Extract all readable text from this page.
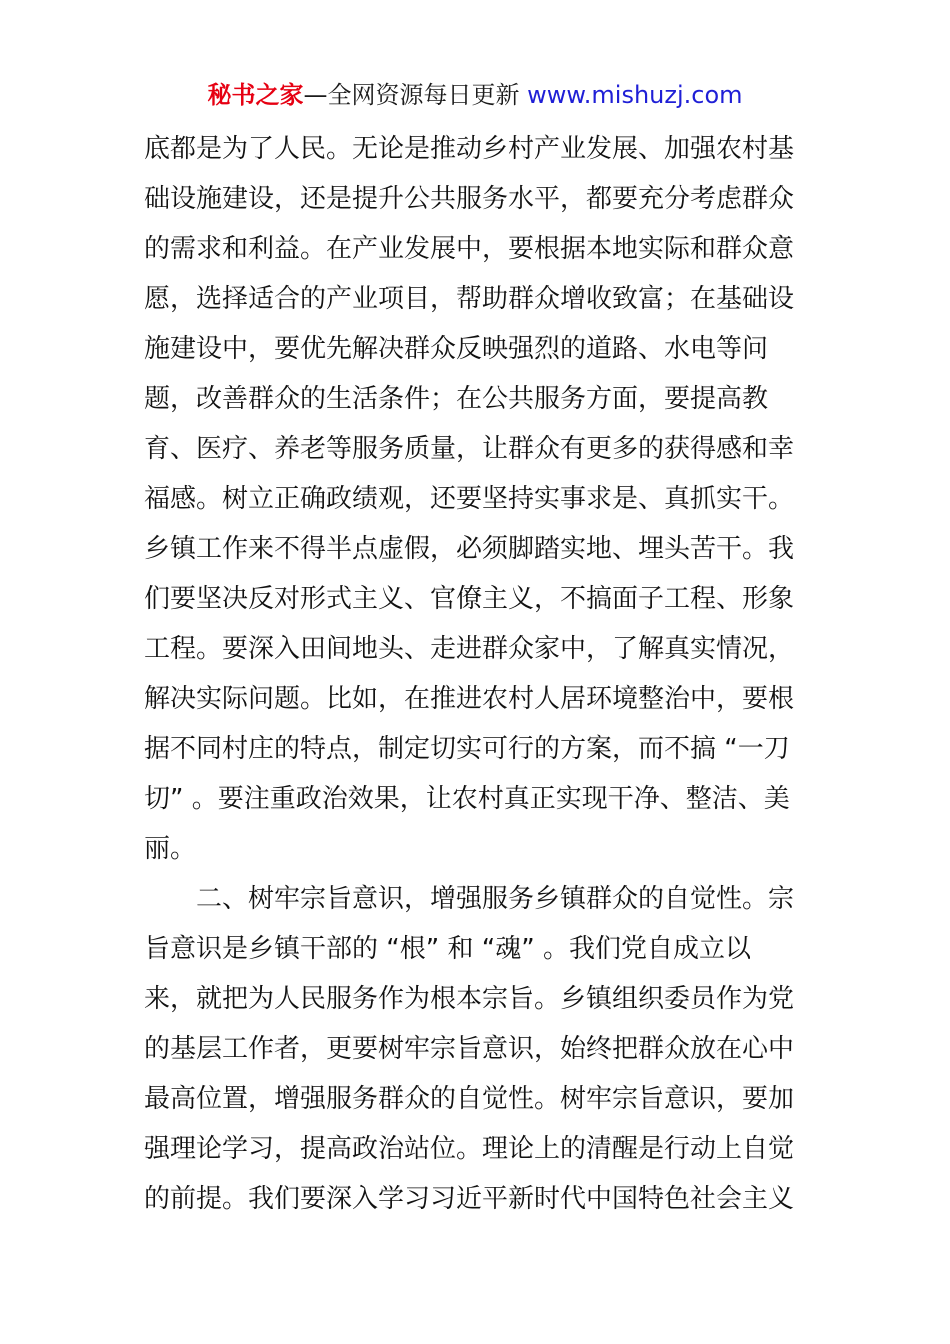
秘书之家—全网资源每日更新 www.mishuzj.com
底都是为了人民。无论是推动乡村产业发展、加强农村基
础设施建设，还是提升公共服务水平，都要充分考虑群众
的需求和利益。在产业发展中，要根据本地实际和群众意
愿，选择适合的产业项目，帮助群众增收致富；在基础设
施建设中，要优先解决群众反映强烈的道路、水电等问
题，改善群众的生活条件；在公共服务方面，要提高教
育、医疗、养老等服务质量，让群众有更多的获得感和幸
福感。树立正确政绩观，还要坚持实事求是、真抓实干。
乡镇工作来不得半点虚假，必须脚踏实地、埋头苦干。我
们要坚决反对形式主义、官僚主义，不搞面子工程、形象
工程。要深入田间地头、走进群众家中，了解真实情况，
解决实际问题。比如，在推进农村人居环境整治中，要根
据不同村庄的特点，制定切实可行的方案，而不搞 “一刀
切” 。要注重政治效果，让农村真正实现干净、整洁、美
丽。
二、树牢宗旨意识，增强服务乡镇群众的自觉性。宗
旨意识是乡镇干部的 “根” 和 “魂” 。我们党自成立以
来，就把为人民服务作为根本宗旨。乡镇组织委员作为党
的基层工作者，更要树牢宗旨意识，始终把群众放在心中
最高位置，增强服务群众的自觉性。树牢宗旨意识，要加
强理论学习，提高政治站位。理论上的清醒是行动上自觉
的前提。我们要深入学习习近平新时代中国特色社会主义
